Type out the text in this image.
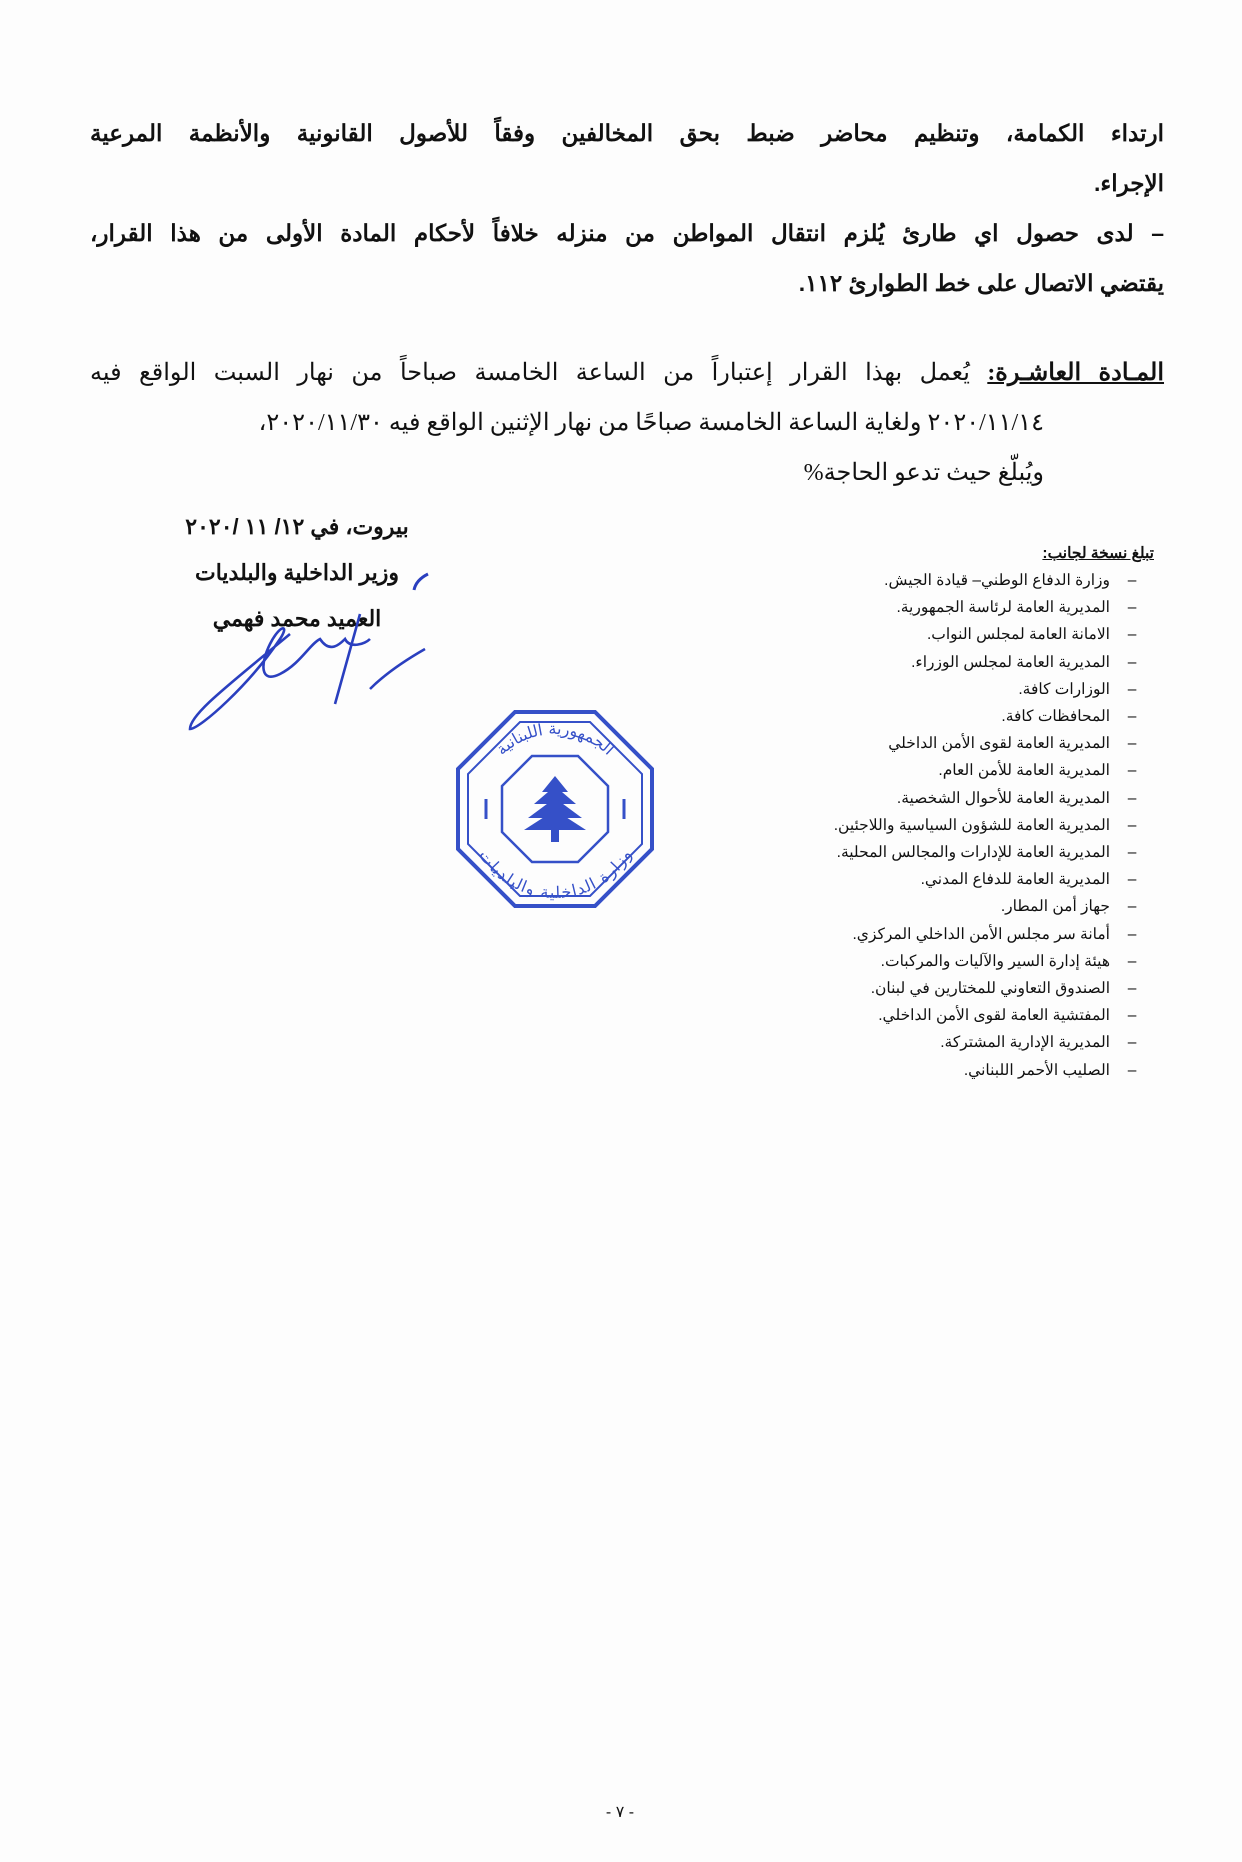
ارتداء الكمامة، وتنظيم محاضر ضبط بحق المخالفين وفقاً للأصول القانونية والأنظمة المرعية
الإجراء.
– لدى حصول اي طارئ يُلزم انتقال المواطن من منزله خلافاً لأحكام المادة الأولى من هذا القرار،
يقتضي الاتصال على خط الطوارئ ١١٢.
المـادة العاشـرة: يُعمل بهذا القرار إعتباراً من الساعة الخامسة صباحاً من نهار السبت الواقع فيه
٢٠٢٠/١١/١٤ ولغاية الساعة الخامسة صباحًا من نهار الإثنين الواقع فيه ٢٠٢٠/١١/٣٠،
ويُبلّغ حيث تدعو الحاجة%
بيروت، في ١٢/ ١١ /٢٠٢٠
وزير الداخلية والبلديات
العميد محمد فهمي
الجمهورية اللبنانية
وزارة الداخلية والبلديات
تبلغ نسخة لجانب:
–وزارة الدفاع الوطني– قيادة الجيش.
–المديرية العامة لرئاسة الجمهورية.
–الامانة العامة لمجلس النواب.
–المديرية العامة لمجلس الوزراء.
–الوزارات كافة.
–المحافظات كافة.
–المديرية العامة لقوى الأمن الداخلي
–المديرية العامة للأمن العام.
–المديرية العامة للأحوال الشخصية.
–المديرية العامة للشؤون السياسية واللاجئين.
–المديرية العامة للإدارات والمجالس المحلية.
–المديرية العامة للدفاع المدني.
–جهاز أمن المطار.
–أمانة سر مجلس الأمن الداخلي المركزي.
–هيئة إدارة السير والآليات والمركبات.
–الصندوق التعاوني للمختارين في لبنان.
–المفتشية العامة لقوى الأمن الداخلي.
–المديرية الإدارية المشتركة.
–الصليب الأحمر اللبناني.
- ٧ -
